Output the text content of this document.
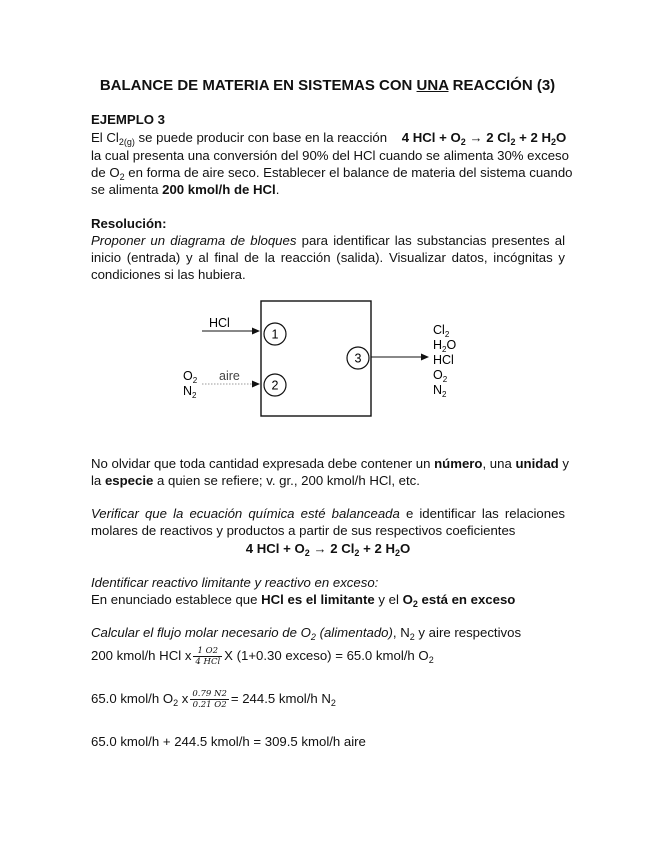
BALANCE DE MATERIA EN SISTEMAS CON UNA REACCIÓN (3)
EJEMPLO 3
El $Cl_{2(g)}$ se puede producir con base en la reacción 4 HCl + $O_2 \to 2$ $Cl_2 + 2$ $H_2O$
la cual presenta una conversión del 90% del HCl cuando se alimenta 30% exceso
de $O_2$ en forma de aire seco. Establecer el balance de materia del sistema cuando
se alimenta 200 kmol/h de HCl.
Resolución:
Proponer un diagrama de bloques para identificar las substancias presentes al
inicio (entrada) y al final de la reacción (salida). Visualizar datos, incógnitas y
condiciones si las hubiera.
1
2
3
HCl
aire
$O_2$
$N_2$
$Cl_2$
$H_2O$
HCl
$O_2$
$N_2$
No olvidar que toda cantidad expresada debe contener un número, una unidad y
la especie a quien se refiere; v. gr., 200 kmol/h HCl, etc.
Verificar que la ecuación química esté balanceada e identificar las relaciones
molares de reactivos y productos a partir de sus respectivos coeficientes
4 HCl + $O_2 \to 2$ $Cl_2 + 2$ $H_2O$
Identificar reactivo limitante y reactivo en exceso:
En enunciado establece que HCl es el limitante y el $O_2$ está en exceso
Calcular el flujo molar necesario de $O_2$ (alimentado), $N_2$ y aire respectivos
200 kmol/h HCl x $\frac{1 O2}{\text{4 HCl}}$ X (1+0.30 exceso) = 65.0 kmol/h $O_2$
65.0 kmol/h $O_2$ x $\frac{0.79 N2}{0.21 O2} = 244.5$ kmol/h $N_2$
65.0 kmol/h + 244.5 kmol/h = 309.5 kmol/h aire
